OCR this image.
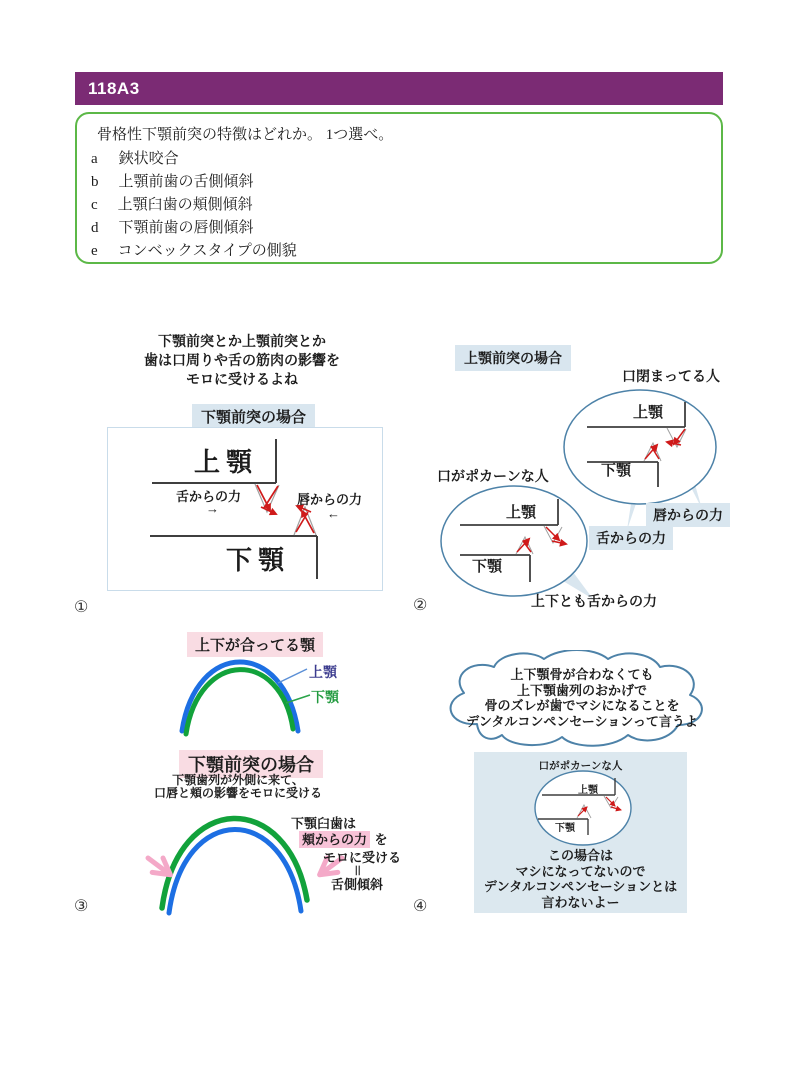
118A3
骨格性下顎前突の特徴はどれか。 1つ選べ。
a 鋏状咬合
b 上顎前歯の舌側傾斜
c 上顎臼歯の頬側傾斜
d 下顎前歯の唇側傾斜
e コンベックスタイプの側貌
下顎前突とか上顎前突とか
歯は口周りや舌の筋肉の影響を
モロに受けるよね
下顎前突の場合
上顎
舌からの力
→
唇からの力
←
下顎
①
上顎前突の場合
口閉まってる人
口がポカーンな人
上顎
下顎
上顎
下顎
唇からの力
舌からの力
上下とも舌からの力
②
上下が合ってる顎
上顎
下顎
下顎前突の場合
下顎歯列が外側に来て、
口唇と頬の影響をモロに受ける
下顎臼歯は
頬からの力 を
モロに受ける
＝
舌側傾斜
③
上下顎骨が合わなくても
上下顎歯列のおかげで
骨のズレが歯でマシになることを
デンタルコンペンセーションって言うよ
口がポカーンな人
上顎
下顎
この場合は
マシになってないので
デンタルコンペンセーションとは
言わないよー
④
